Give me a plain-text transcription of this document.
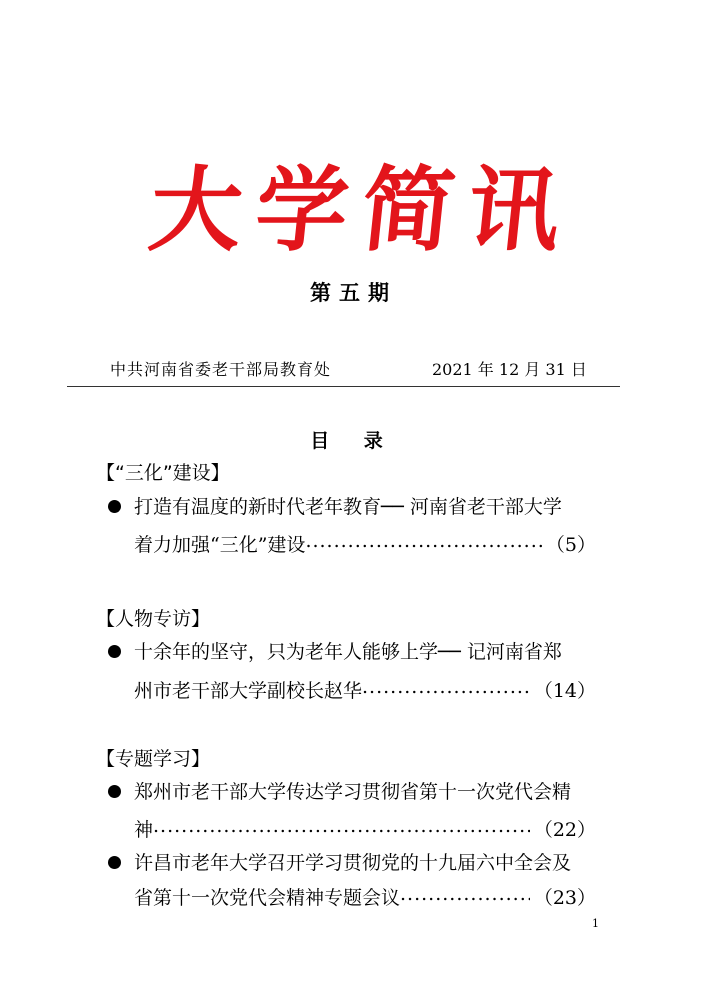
大 学 简 讯
第五期
中共河南省委老干部局教育处	2021 年 12 月 31 日
目 录
【“三化”建设】
打造有温度的新时代老年教育── 河南省老干部大学
着力加强“三化”建设 .....	（5）
【人物专访】
十余年的坚守，只为老年人能够上学── 记河南省郑
州市老干部大学副校长赵华 .....	（14）
【专题学习】
郑州市老干部大学传达学习贯彻省第十一次党代会精
神 .....	（22）
许昌市老年大学召开学习贯彻党的十九届六中全会及
省第十一次党代会精神专题会议 .....	（23）
1
